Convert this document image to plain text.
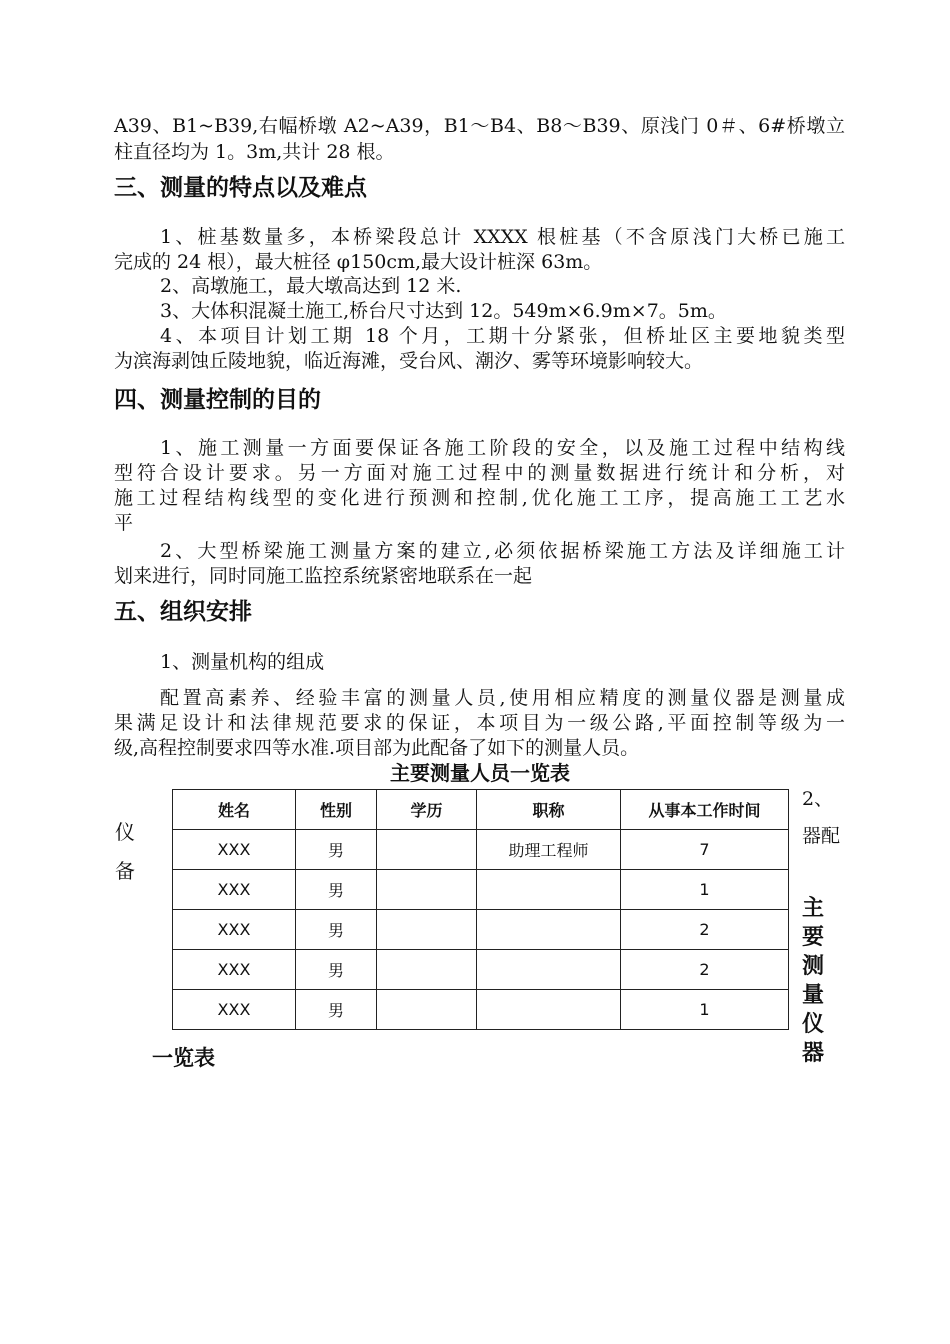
A39、B1~B39,右幅桥墩 A2~A39，B1～B4、B8～B39、原浅门 0＃、6#桥墩立
柱直径均为 1。3m,共计 28 根。
三、测量的特点以及难点
1、桩基数量多，本桥梁段总计 XXXX 根桩基（不含原浅门大桥已施工
完成的 24 根），最大桩径 φ150cm,最大设计桩深 63m。
2、高墩施工，最大墩高达到 12 米.
3、大体积混凝土施工,桥台尺寸达到 12。549m×6.9m×7。5m。
4、本项目计划工期 18 个月，工期十分紧张，但桥址区主要地貌类型
为滨海剥蚀丘陵地貌，临近海滩，受台风、潮汐、雾等环境影响较大。
四、测量控制的目的
1、施工测量一方面要保证各施工阶段的安全，以及施工过程中结构线
型符合设计要求。另一方面对施工过程中的测量数据进行统计和分析，对
施工过程结构线型的变化进行预测和控制,优化施工工序，提高施工工艺水
平
2、大型桥梁施工测量方案的建立,必须依据桥梁施工方法及详细施工计
划来进行，同时同施工监控系统紧密地联系在一起
五、组织安排
1、测量机构的组成
配置高素养、经验丰富的测量人员,使用相应精度的测量仪器是测量成
果满足设计和法律规范要求的保证，本项目为一级公路,平面控制等级为一
级,高程控制要求四等水准.项目部为此配备了如下的测量人员。
主要测量人员一览表
姓名	性别	学历	职称	从事本工作时间
XXX	男		助理工程师	7
XXX	男			1
XXX	男			2
XXX	男			2
XXX	男			1
仪
备
2、
器配
主
要
测
量
仪
器
一览表
